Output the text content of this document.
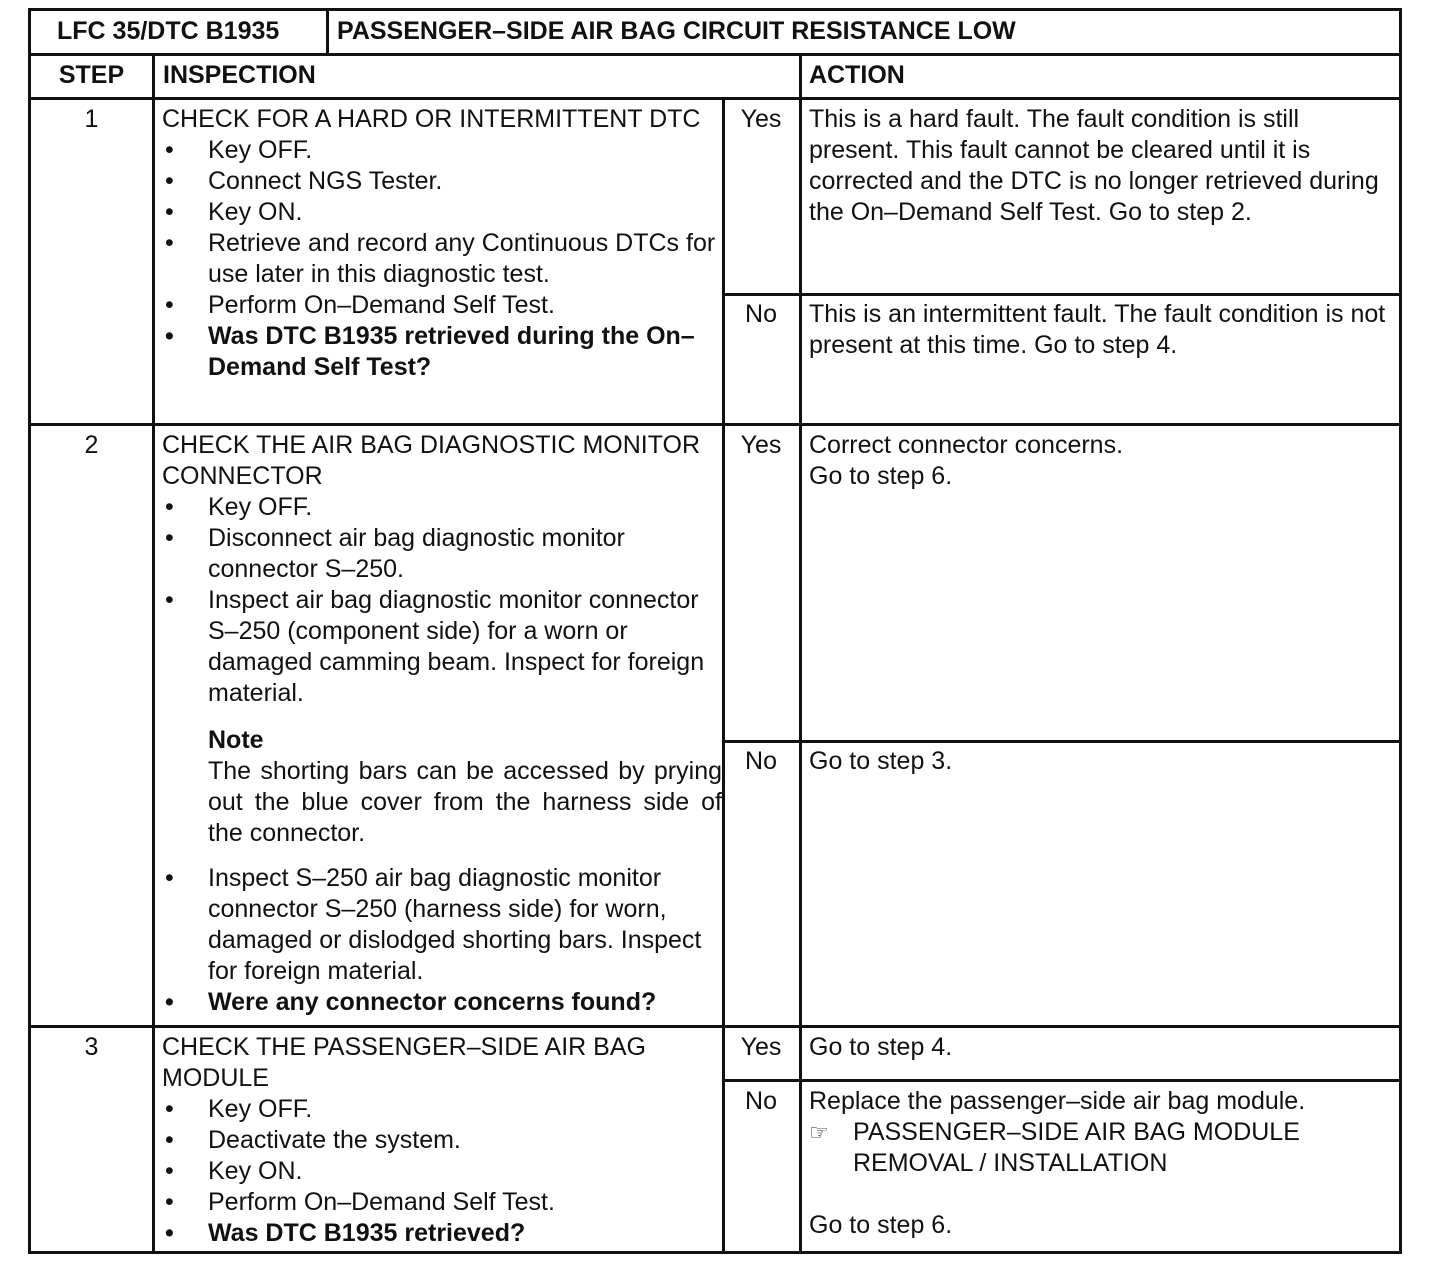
LFC 35/DTC B1935	PASSENGER–SIDE AIR BAG CIRCUIT RESISTANCE LOW
STEP	INSPECTION	ACTION
1	CHECK FOR A HARD OR INTERMITTENT DTC
• Key OFF.
• Connect NGS Tester.
• Key ON.
• Retrieve and record any Continuous DTCs for use later in this diagnostic test.
• Perform On–Demand Self Test.
• Was DTC B1935 retrieved during the On–Demand Self Test?
Yes	This is a hard fault. The fault condition is still present. This fault cannot be cleared until it is corrected and the DTC is no longer retrieved during the On–Demand Self Test. Go to step 2.
No	This is an intermittent fault. The fault condition is not present at this time. Go to step 4.
2	CHECK THE AIR BAG DIAGNOSTIC MONITOR CONNECTOR
• Key OFF.
• Disconnect air bag diagnostic monitor connector S–250.
• Inspect air bag diagnostic monitor connector S–250 (component side) for a worn or damaged camming beam. Inspect for foreign material.
Note
The shorting bars can be accessed by prying out the blue cover from the harness side of the connector.
• Inspect S–250 air bag diagnostic monitor connector S–250 (harness side) for worn, damaged or dislodged shorting bars. Inspect for foreign material.
• Were any connector concerns found?
Yes	Correct connector concerns.
Go to step 6.
No	Go to step 3.
3	CHECK THE PASSENGER–SIDE AIR BAG MODULE
• Key OFF.
• Deactivate the system.
• Key ON.
• Perform On–Demand Self Test.
• Was DTC B1935 retrieved?
Yes	Go to step 4.
No	Replace the passenger–side air bag module.
☞ PASSENGER–SIDE AIR BAG MODULE REMOVAL / INSTALLATION
Go to step 6.
